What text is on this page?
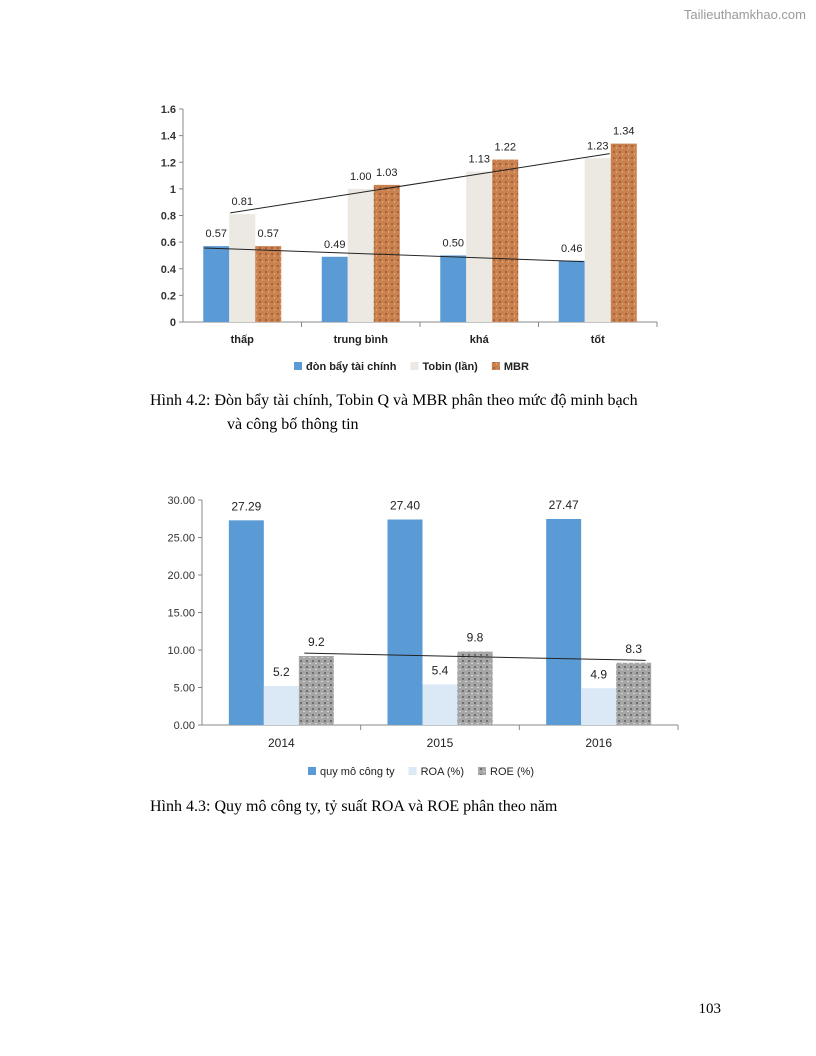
Tailieuthamkhao.com
0
0.2
0.4
0.6
0.8
1
1.2
1.4
1.6
0.57
0.49	0.50	0.46
0.81
1.00
1.13
1.23
0.57
1.03
1.22
1.34
thấp	trung bình	khá	tốt
đòn bẩy tài chính Tobin (lần) MBR
Hình 4.2: Đòn bẩy tài chính, Tobin Q và MBR phân theo mức độ minh bạch
và công bố thông tin
0.00
5.00
10.00
15.00
20.00
25.00
30.00	27.29	27.40	27.47
5.2	5.4	4.9
9.2	9.8
8.3
2014	2015	2016
quy mô công ty ROA (%) ROE (%)
Hình 4.3: Quy mô công ty, tỷ suất ROA và ROE phân theo năm
103
